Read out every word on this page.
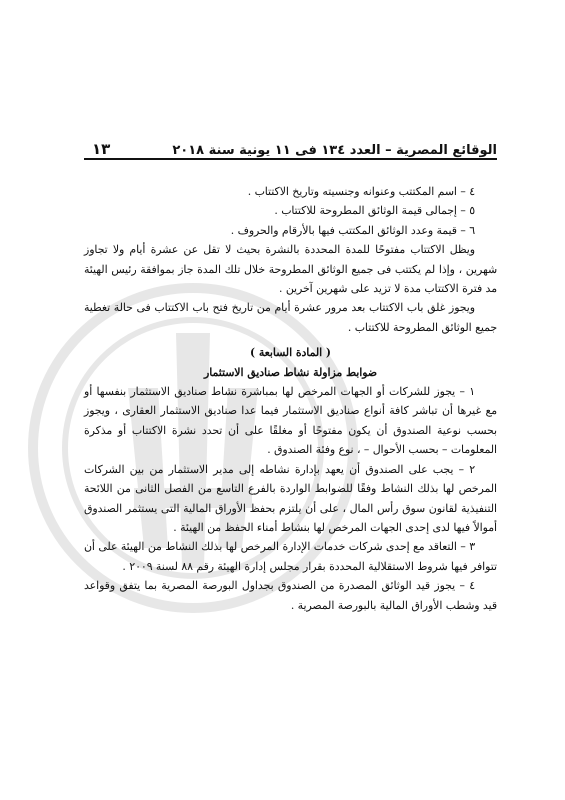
الوقائع المصرية – العدد ١٣٤ فى ١١ يونية سنة ٢٠١٨
١٣

٤ – اسم المكتتب وعنوانه وجنسيته وتاريخ الاكتتاب .

٥ – إجمالى قيمة الوثائق المطروحة للاكتتاب .

٦ – قيمة وعدد الوثائق المكتتب فيها بالأرقام والحروف .

ويظل الاكتتاب مفتوحًا للمدة المحددة بالنشرة بحيث لا تقل عن عشرة أيام ولا تجاوز شهرين ، وإذا لم يكتتب فى جميع الوثائق المطروحة خلال تلك المدة جاز بموافقة رئيس الهيئة مد فترة الاكتتاب مدة لا تزيد على شهرين آخرين .

ويجوز غلق باب الاكتتاب بعد مرور عشرة أيام من تاريخ فتح باب الاكتتاب فى حالة تغطية جميع الوثائق المطروحة للاكتتاب .

( المادة السابعة )

ضوابط مزاولة نشاط صناديق الاستثمار

١ – يجوز للشركات أو الجهات المرخص لها بمباشرة نشاط صناديق الاستثمار بنفسها أو مع غيرها أن تباشر كافة أنواع صناديق الاستثمار فيما عدا صناديق الاستثمار العقارى ، ويجوز بحسب نوعية الصندوق أن يكون مفتوحًا أو مغلقًا على أن تحدد نشرة الاكتتاب أو مذكرة المعلومات – بحسب الأحوال – ، نوع وفئة الصندوق .

٢ – يجب على الصندوق أن يعهد بإدارة نشاطه إلى مدير الاستثمار من بين الشركات المرخص لها بذلك النشاط وفقًا للضوابط الواردة بالفرع التاسع من الفصل الثانى من اللائحة التنفيذية لقانون سوق رأس المال ، على أن يلتزم بحفظ الأوراق المالية التى يستثمر الصندوق أموالاً فيها لدى إحدى الجهات المرخص لها بنشاط أمناء الحفظ من الهيئة .

٣ – التعاقد مع إحدى شركات خدمات الإدارة المرخص لها بذلك النشاط من الهيئة على أن تتوافر فيها شروط الاستقلالية المحددة بقرار مجلس إدارة الهيئة رقم ٨٨ لسنة ٢٠٠٩ .

٤ – يجوز قيد الوثائق المصدرة من الصندوق بجداول البورصة المصرية بما يتفق وقواعد قيد وشطب الأوراق المالية بالبورصة المصرية .
